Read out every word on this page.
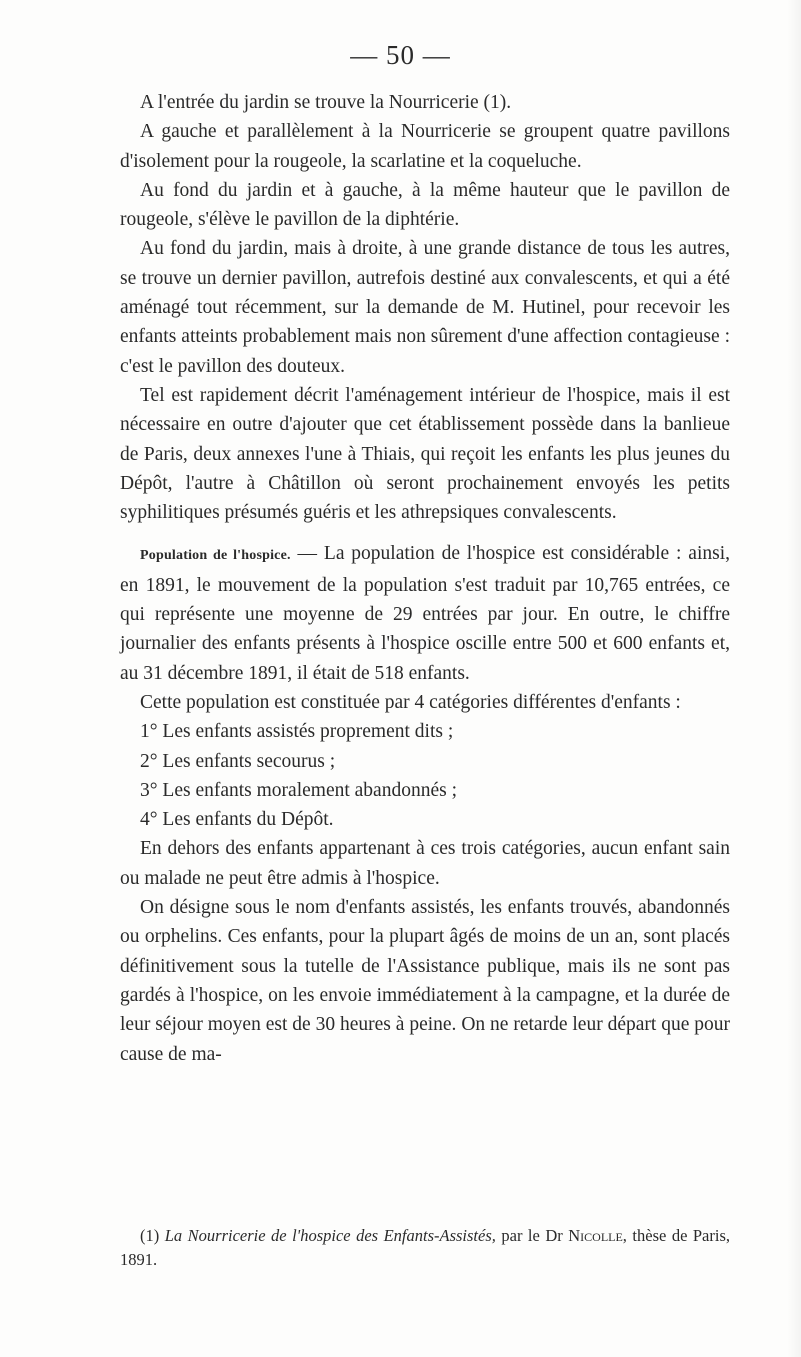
— 50 —

A l'entrée du jardin se trouve la Nourricerie (1).

A gauche et parallèlement à la Nourricerie se groupent quatre pavillons d'isolement pour la rougeole, la scarlatine et la coqueluche.

Au fond du jardin et à gauche, à la même hauteur que le pavillon de rougeole, s'élève le pavillon de la diphtérie.

Au fond du jardin, mais à droite, à une grande distance de tous les autres, se trouve un dernier pavillon, autrefois destiné aux convalescents, et qui a été aménagé tout récemment, sur la demande de M. Hutinel, pour recevoir les enfants atteints probablement mais non sûrement d'une affection contagieuse : c'est le pavillon des douteux.

Tel est rapidement décrit l'aménagement intérieur de l'hospice, mais il est nécessaire en outre d'ajouter que cet établissement possède dans la banlieue de Paris, deux annexes l'une à Thiais, qui reçoit les enfants les plus jeunes du Dépôt, l'autre à Châtillon où seront prochainement envoyés les petits syphilitiques présumés guéris et les athrepsiques convalescents.

Population de l'hospice. — La population de l'hospice est considérable : ainsi, en 1891, le mouvement de la population s'est traduit par 10,765 entrées, ce qui représente une moyenne de 29 entrées par jour. En outre, le chiffre journalier des enfants présents à l'hospice oscille entre 500 et 600 enfants et, au 31 décembre 1891, il était de 518 enfants.

Cette population est constituée par 4 catégories différentes d'enfants :

1° Les enfants assistés proprement dits ;

2° Les enfants secourus ;

3° Les enfants moralement abandonnés ;

4° Les enfants du Dépôt.

En dehors des enfants appartenant à ces trois catégories, aucun enfant sain ou malade ne peut être admis à l'hospice.

On désigne sous le nom d'enfants assistés, les enfants trouvés, abandonnés ou orphelins. Ces enfants, pour la plupart âgés de moins de un an, sont placés définitivement sous la tutelle de l'Assistance publique, mais ils ne sont pas gardés à l'hospice, on les envoie immédiatement à la campagne, et la durée de leur séjour moyen est de 30 heures à peine. On ne retarde leur départ que pour cause de ma-

(1) La Nourricerie de l'hospice des Enfants-Assistés, par le Dr Nicolle, thèse de Paris, 1891.
